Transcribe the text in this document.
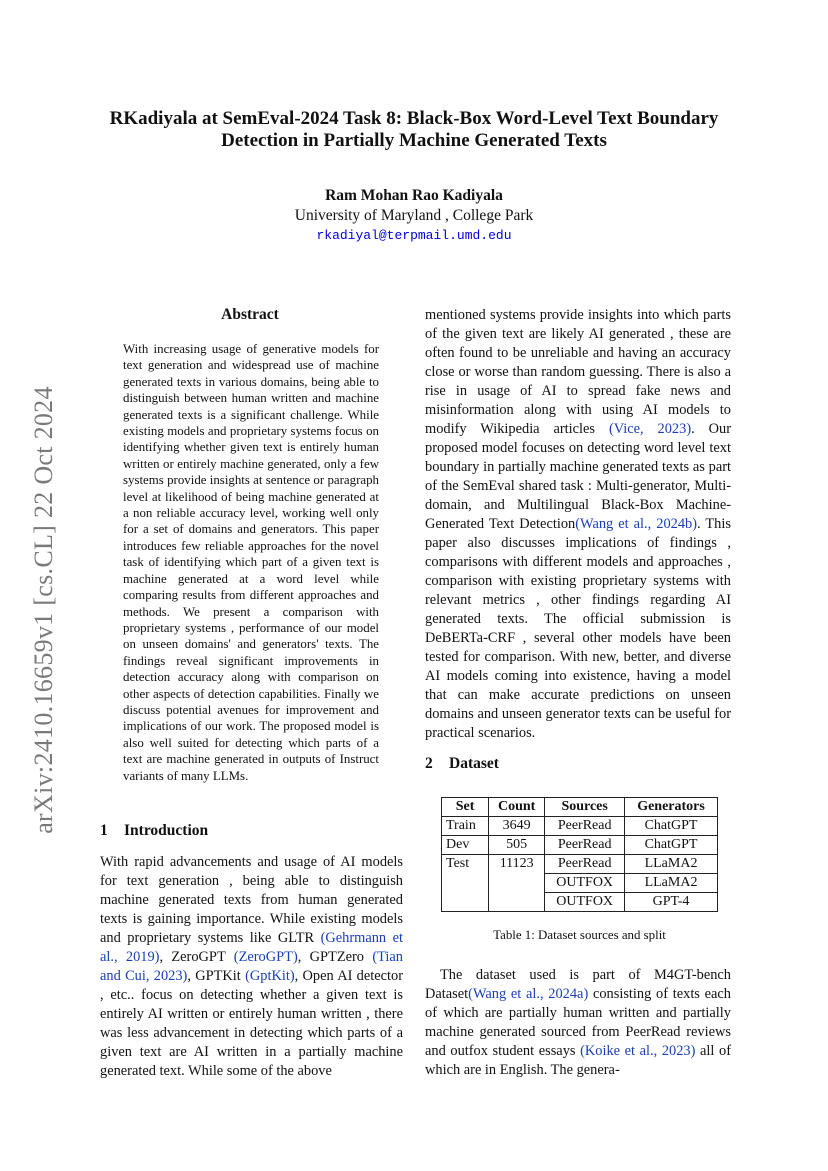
arXiv:2410.16659v1 [cs.CL] 22 Oct 2024
RKadiyala at SemEval-2024 Task 8: Black-Box Word-Level Text Boundary
Detection in Partially Machine Generated Texts
Ram Mohan Rao Kadiyala
University of Maryland , College Park
rkadiyal@terpmail.umd.edu
Abstract

With increasing usage of generative models for text generation and widespread use of machine generated texts in various domains, being able to distinguish between human written and machine generated texts is a significant challenge. While existing models and proprietary systems focus on identifying whether given text is entirely human written or entirely machine generated, only a few systems provide insights at sentence or paragraph level at likelihood of being machine generated at a non reliable accuracy level, working well only for a set of domains and generators. This paper introduces few reliable approaches for the novel task of identifying which part of a given text is machine generated at a word level while comparing results from different approaches and methods. We present a comparison with proprietary systems , performance of our model on unseen domains' and generators' texts. The findings reveal significant improvements in detection accuracy along with comparison on other aspects of detection capabilities. Finally we discuss potential avenues for improvement and implications of our work. The proposed model is also well suited for detecting which parts of a text are machine generated in outputs of Instruct variants of many LLMs.

1 Introduction

With rapid advancements and usage of AI models for text generation , being able to distinguish machine generated texts from human generated texts is gaining importance. While existing models and proprietary systems like GLTR (Gehrmann et al., 2019), ZeroGPT (ZeroGPT), GPTZero (Tian and Cui, 2023), GPTKit (GptKit), Open AI detector , etc.. focus on detecting whether a given text is entirely AI written or entirely human written , there was less advancement in detecting which parts of a given text are AI written in a partially machine generated text. While some of the above

mentioned systems provide insights into which parts of the given text are likely AI generated , these are often found to be unreliable and having an accuracy close or worse than random guessing. There is also a rise in usage of AI to spread fake news and misinformation along with using AI models to modify Wikipedia articles (Vice, 2023). Our proposed model focuses on detecting word level text boundary in partially machine generated texts as part of the SemEval shared task : Multi-generator, Multi-domain, and Multilingual Black-Box Machine-Generated Text Detection(Wang et al., 2024b). This paper also discusses implications of findings , comparisons with different models and approaches , comparison with existing proprietary systems with relevant metrics , other findings regarding AI generated texts. The official submission is DeBERTa-CRF , several other models have been tested for comparison. With new, better, and diverse AI models coming into existence, having a model that can make accurate predictions on unseen domains and unseen generator texts can be useful for practical scenarios.

2 Dataset
Set	Count	Sources	Generators
Train	3649	PeerRead	ChatGPT
Dev	505	PeerRead	ChatGPT
Test	11123	PeerRead	LLaMA2
		OUTFOX	LLaMA2
		OUTFOX	GPT-4
Table 1: Dataset sources and split

The dataset used is part of M4GT-bench Dataset(Wang et al., 2024a) consisting of texts each of which are partially human written and partially machine generated sourced from PeerRead reviews and outfox student essays (Koike et al., 2023) all of which are in English. The genera-
